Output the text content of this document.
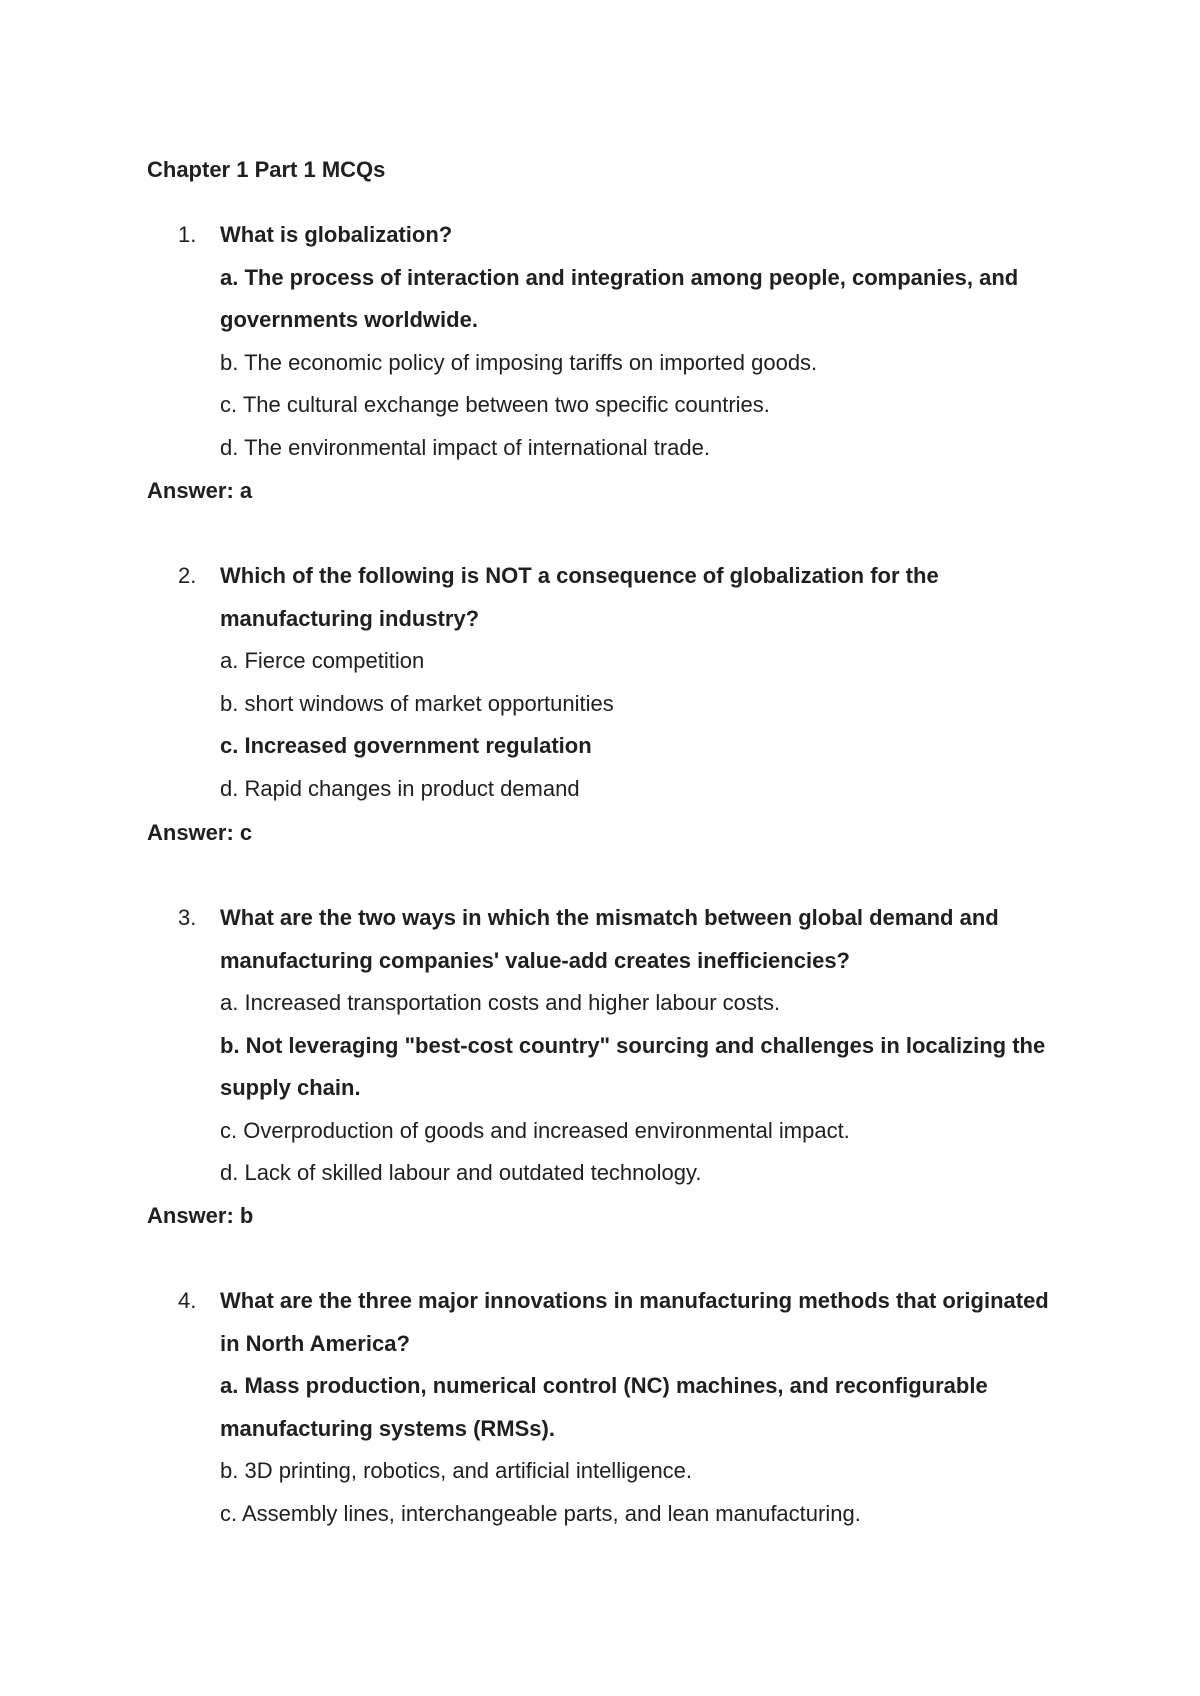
Chapter 1 Part 1 MCQs
1. What is globalization?
a. The process of interaction and integration among people, companies, and governments worldwide.
b. The economic policy of imposing tariffs on imported goods.
c. The cultural exchange between two specific countries.
d. The environmental impact of international trade.
Answer: a
2. Which of the following is NOT a consequence of globalization for the manufacturing industry?
a. Fierce competition
b. short windows of market opportunities
c. Increased government regulation
d. Rapid changes in product demand
Answer: c
3. What are the two ways in which the mismatch between global demand and manufacturing companies' value-add creates inefficiencies?
a. Increased transportation costs and higher labour costs.
b. Not leveraging "best-cost country" sourcing and challenges in localizing the supply chain.
c. Overproduction of goods and increased environmental impact.
d. Lack of skilled labour and outdated technology.
Answer: b
4. What are the three major innovations in manufacturing methods that originated in North America?
a. Mass production, numerical control (NC) machines, and reconfigurable manufacturing systems (RMSs).
b. 3D printing, robotics, and artificial intelligence.
c. Assembly lines, interchangeable parts, and lean manufacturing.
